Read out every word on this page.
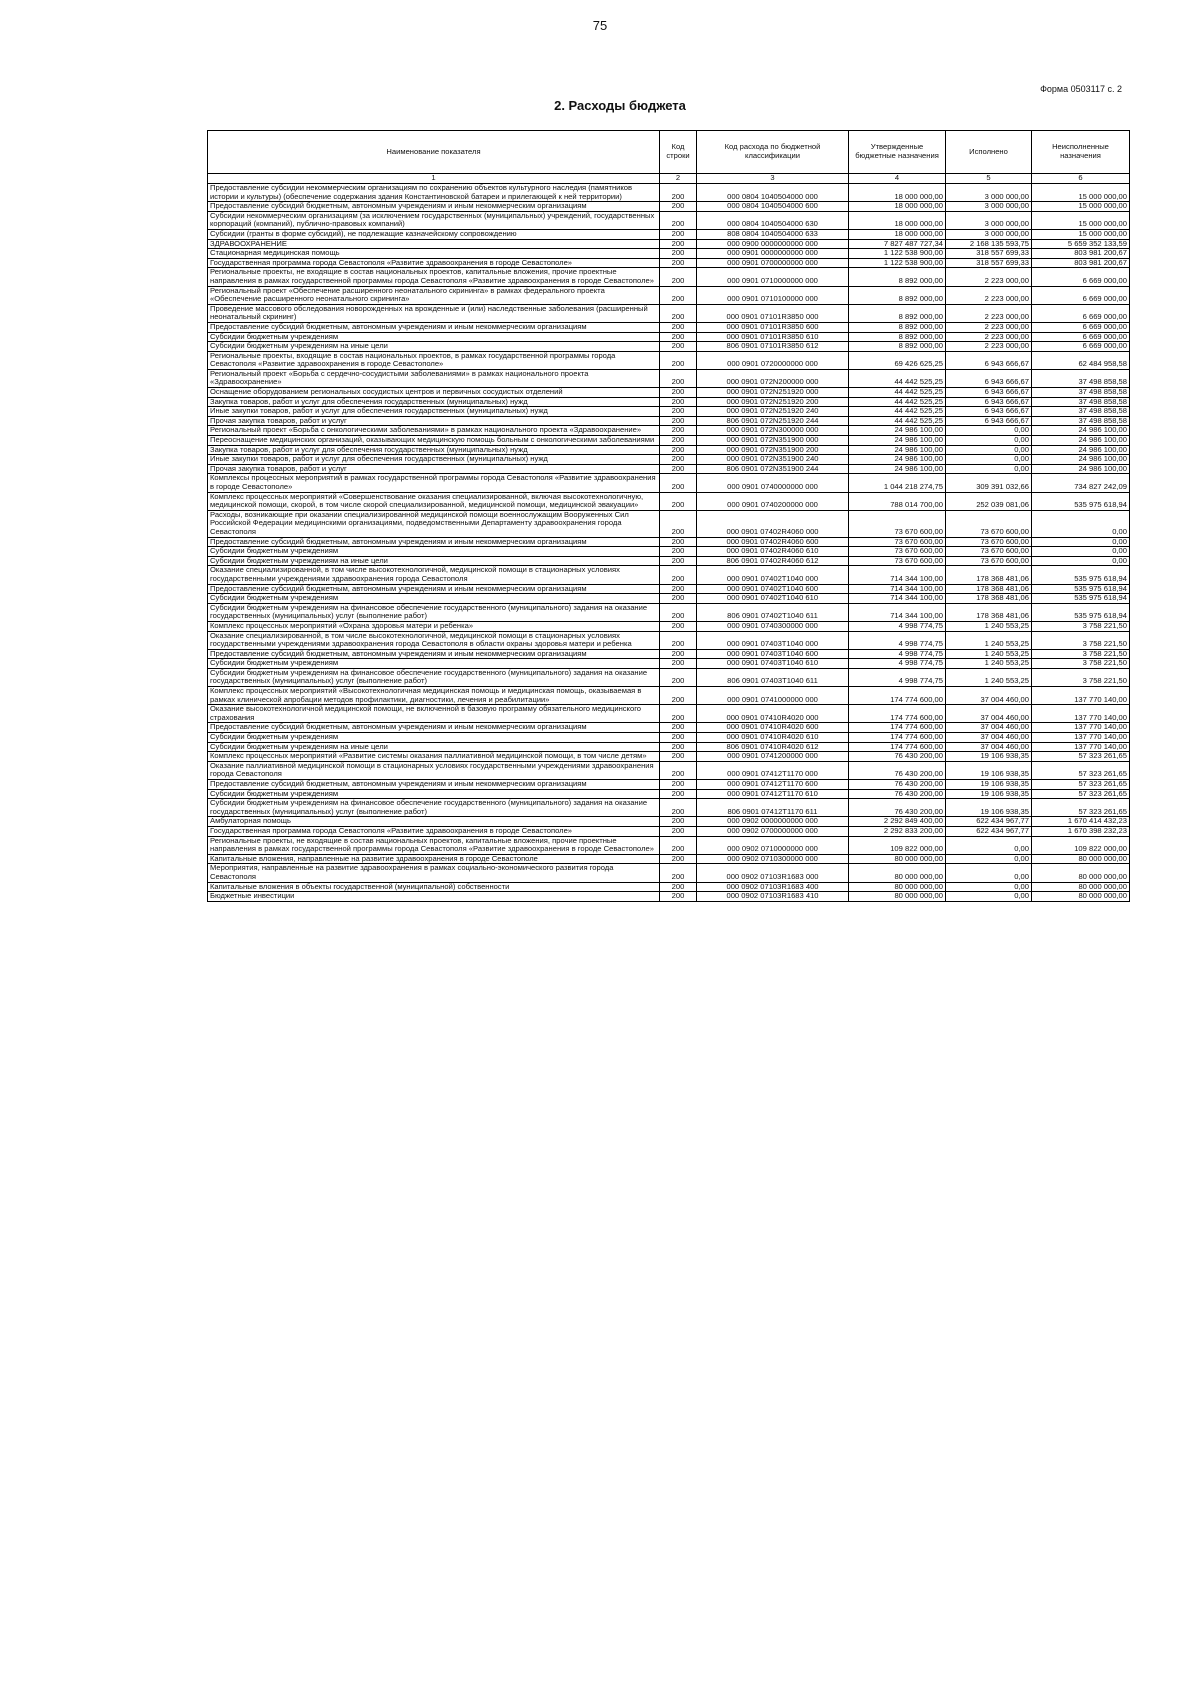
75
Форма 0503117 с. 2
2. Расходы бюджета
Наименование показателя	Код строки	Код расхода по бюджетной классификации	Утвержденные бюджетные назначения	Исполнено	Неисполненные назначения
1	2	3	4	5	6
Предоставление субсидии некоммерческим организациям по сохранению объектов культурного наследия (памятников истории и культуры) (обеспечение содержания здания Константиновской батареи и прилегающей к ней территории)	200	000 0804 1040504000 000	18 000 000,00	3 000 000,00	15 000 000,00
Предоставление субсидий бюджетным, автономным учреждениям и иным некоммерческим организациям	200	000 0804 1040504000 600	18 000 000,00	3 000 000,00	15 000 000,00
Субсидии некоммерческим организациям (за исключением государственных (муниципальных) учреждений, государственных корпораций (компаний), публично-правовых компаний)	200	000 0804 1040504000 630	18 000 000,00	3 000 000,00	15 000 000,00
Субсидии (гранты в форме субсидий), не подлежащие казначейскому сопровождению	200	808 0804 1040504000 633	18 000 000,00	3 000 000,00	15 000 000,00
ЗДРАВООХРАНЕНИЕ	200	000 0900 0000000000 000	7 827 487 727,34	2 168 135 593,75	5 659 352 133,59
Стационарная медицинская помощь	200	000 0901 0000000000 000	1 122 538 900,00	318 557 699,33	803 981 200,67
Государственная программа города Севастополя «Развитие здравоохранения в городе Севастополе»	200	000 0901 0700000000 000	1 122 538 900,00	318 557 699,33	803 981 200,67
Региональные проекты, не входящие в состав национальных проектов, капитальные вложения, прочие проектные направления в рамках государственной программы города Севастополя «Развитие здравоохранения в городе Севастополе»	200	000 0901 0710000000 000	8 892 000,00	2 223 000,00	6 669 000,00
Региональный проект «Обеспечение расширенного неонатального скрининга» в рамках федерального проекта «Обеспечение расширенного неонатального скрининга»	200	000 0901 0710100000 000	8 892 000,00	2 223 000,00	6 669 000,00
Проведение массового обследования новорожденных на врожденные и (или) наследственные заболевания (расширенный неонатальный скрининг)	200	000 0901 07101R3850 000	8 892 000,00	2 223 000,00	6 669 000,00
Предоставление субсидий бюджетным, автономным учреждениям и иным некоммерческим организациям	200	000 0901 07101R3850 600	8 892 000,00	2 223 000,00	6 669 000,00
Субсидии бюджетным учреждениям	200	000 0901 07101R3850 610	8 892 000,00	2 223 000,00	6 669 000,00
Субсидии бюджетным учреждениям на иные цели	200	806 0901 07101R3850 612	8 892 000,00	2 223 000,00	6 669 000,00
Региональные проекты, входящие в состав национальных проектов, в рамках государственной программы города Севастополя «Развитие здравоохранения в городе Севастополе»	200	000 0901 0720000000 000	69 426 625,25	6 943 666,67	62 484 958,58
Региональный проект «Борьба с сердечно-сосудистыми заболеваниями» в рамках национального проекта «Здравоохранение»	200	000 0901 072N200000 000	44 442 525,25	6 943 666,67	37 498 858,58
Оснащение оборудованием региональных сосудистых центров и первичных сосудистых отделений	200	000 0901 072N251920 000	44 442 525,25	6 943 666,67	37 498 858,58
Закупка товаров, работ и услуг для обеспечения государственных (муниципальных) нужд	200	000 0901 072N251920 200	44 442 525,25	6 943 666,67	37 498 858,58
Иные закупки товаров, работ и услуг для обеспечения государственных (муниципальных) нужд	200	000 0901 072N251920 240	44 442 525,25	6 943 666,67	37 498 858,58
Прочая закупка товаров, работ и услуг	200	806 0901 072N251920 244	44 442 525,25	6 943 666,67	37 498 858,58
Региональный проект «Борьба с онкологическими заболеваниями» в рамках национального проекта «Здравоохранение»	200	000 0901 072N300000 000	24 986 100,00	0,00	24 986 100,00
Переоснащение медицинских организаций, оказывающих медицинскую помощь больным с онкологическими заболеваниями	200	000 0901 072N351900 000	24 986 100,00	0,00	24 986 100,00
Закупка товаров, работ и услуг для обеспечения государственных (муниципальных) нужд	200	000 0901 072N351900 200	24 986 100,00	0,00	24 986 100,00
Иные закупки товаров, работ и услуг для обеспечения государственных (муниципальных) нужд	200	000 0901 072N351900 240	24 986 100,00	0,00	24 986 100,00
Прочая закупка товаров, работ и услуг	200	806 0901 072N351900 244	24 986 100,00	0,00	24 986 100,00
Комплексы процессных мероприятий в рамках государственной программы города Севастополя «Развитие здравоохранения в городе Севастополе»	200	000 0901 0740000000 000	1 044 218 274,75	309 391 032,66	734 827 242,09
Комплекс процессных мероприятий «Совершенствование оказания специализированной, включая высокотехнологичную, медицинской помощи, скорой, в том числе скорой специализированной, медицинской помощи, медицинской эвакуации»	200	000 0901 0740200000 000	788 014 700,00	252 039 081,06	535 975 618,94
Расходы, возникающие при оказании специализированной медицинской помощи военнослужащим Вооруженных Сил Российской Федерации медицинскими организациями, подведомственными Департаменту здравоохранения города Севастополя	200	000 0901 07402R4060 000	73 670 600,00	73 670 600,00	0,00
Предоставление субсидий бюджетным, автономным учреждениям и иным некоммерческим организациям	200	000 0901 07402R4060 600	73 670 600,00	73 670 600,00	0,00
Субсидии бюджетным учреждениям	200	000 0901 07402R4060 610	73 670 600,00	73 670 600,00	0,00
Субсидии бюджетным учреждениям на иные цели	200	806 0901 07402R4060 612	73 670 600,00	73 670 600,00	0,00
Оказание специализированной, в том числе высокотехнологичной, медицинской помощи в стационарных условиях государственными учреждениями здравоохранения города Севастополя	200	000 0901 07402Т1040 000	714 344 100,00	178 368 481,06	535 975 618,94
Предоставление субсидий бюджетным, автономным учреждениям и иным некоммерческим организациям	200	000 0901 07402Т1040 600	714 344 100,00	178 368 481,06	535 975 618,94
Субсидии бюджетным учреждениям	200	000 0901 07402Т1040 610	714 344 100,00	178 368 481,06	535 975 618,94
Субсидии бюджетным учреждениям на финансовое обеспечение государственного (муниципального) задания на оказание государственных (муниципальных) услуг (выполнение работ)	200	806 0901 07402Т1040 611	714 344 100,00	178 368 481,06	535 975 618,94
Комплекс процессных мероприятий «Охрана здоровья матери и ребенка»	200	000 0901 0740300000 000	4 998 774,75	1 240 553,25	3 758 221,50
Оказание специализированной, в том числе высокотехнологичной, медицинской помощи в стационарных условиях государственными учреждениями здравоохранения города Севастополя в области охраны здоровья матери и ребенка	200	000 0901 07403Т1040 000	4 998 774,75	1 240 553,25	3 758 221,50
Предоставление субсидий бюджетным, автономным учреждениям и иным некоммерческим организациям	200	000 0901 07403Т1040 600	4 998 774,75	1 240 553,25	3 758 221,50
Субсидии бюджетным учреждениям	200	000 0901 07403Т1040 610	4 998 774,75	1 240 553,25	3 758 221,50
Субсидии бюджетным учреждениям на финансовое обеспечение государственного (муниципального) задания на оказание государственных (муниципальных) услуг (выполнение работ)	200	806 0901 07403Т1040 611	4 998 774,75	1 240 553,25	3 758 221,50
Комплекс процессных мероприятий «Высокотехнологичная медицинская помощь и медицинская помощь, оказываемая в рамках клинической апробации методов профилактики, диагностики, лечения и реабилитации»	200	000 0901 0741000000 000	174 774 600,00	37 004 460,00	137 770 140,00
Оказание высокотехнологичной медицинской помощи, не включенной в базовую программу обязательного медицинского страхования	200	000 0901 07410R4020 000	174 774 600,00	37 004 460,00	137 770 140,00
Предоставление субсидий бюджетным, автономным учреждениям и иным некоммерческим организациям	200	000 0901 07410R4020 600	174 774 600,00	37 004 460,00	137 770 140,00
Субсидии бюджетным учреждениям	200	000 0901 07410R4020 610	174 774 600,00	37 004 460,00	137 770 140,00
Субсидии бюджетным учреждениям на иные цели	200	806 0901 07410R4020 612	174 774 600,00	37 004 460,00	137 770 140,00
Комплекс процессных мероприятий «Развитие системы оказания паллиативной медицинской помощи, в том числе детям»	200	000 0901 0741200000 000	76 430 200,00	19 106 938,35	57 323 261,65
Оказание паллиативной медицинской помощи в стационарных условиях государственными учреждениями здравоохранения города Севастополя	200	000 0901 07412Т1170 000	76 430 200,00	19 106 938,35	57 323 261,65
Предоставление субсидий бюджетным, автономным учреждениям и иным некоммерческим организациям	200	000 0901 07412Т1170 600	76 430 200,00	19 106 938,35	57 323 261,65
Субсидии бюджетным учреждениям	200	000 0901 07412Т1170 610	76 430 200,00	19 106 938,35	57 323 261,65
Субсидии бюджетным учреждениям на финансовое обеспечение государственного (муниципального) задания на оказание государственных (муниципальных) услуг (выполнение работ)	200	806 0901 07412Т1170 611	76 430 200,00	19 106 938,35	57 323 261,65
Амбулаторная помощь	200	000 0902 0000000000 000	2 292 849 400,00	622 434 967,77	1 670 414 432,23
Государственная программа города Севастополя «Развитие здравоохранения в городе Севастополе»	200	000 0902 0700000000 000	2 292 833 200,00	622 434 967,77	1 670 398 232,23
Региональные проекты, не входящие в состав национальных проектов, капитальные вложения, прочие проектные направления в рамках государственной программы города Севастополя «Развитие здравоохранения в городе Севастополе»	200	000 0902 0710000000 000	109 822 000,00	0,00	109 822 000,00
Капитальные вложения, направленные на развитие здравоохранения в городе Севастополе	200	000 0902 0710300000 000	80 000 000,00	0,00	80 000 000,00
Мероприятия, направленные на развитие здравоохранения в рамках социально-экономического развития города Севастополя	200	000 0902 07103R1683 000	80 000 000,00	0,00	80 000 000,00
Капитальные вложения в объекты государственной (муниципальной) собственности	200	000 0902 07103R1683 400	80 000 000,00	0,00	80 000 000,00
Бюджетные инвестиции	200	000 0902 07103R1683 410	80 000 000,00	0,00	80 000 000,00
